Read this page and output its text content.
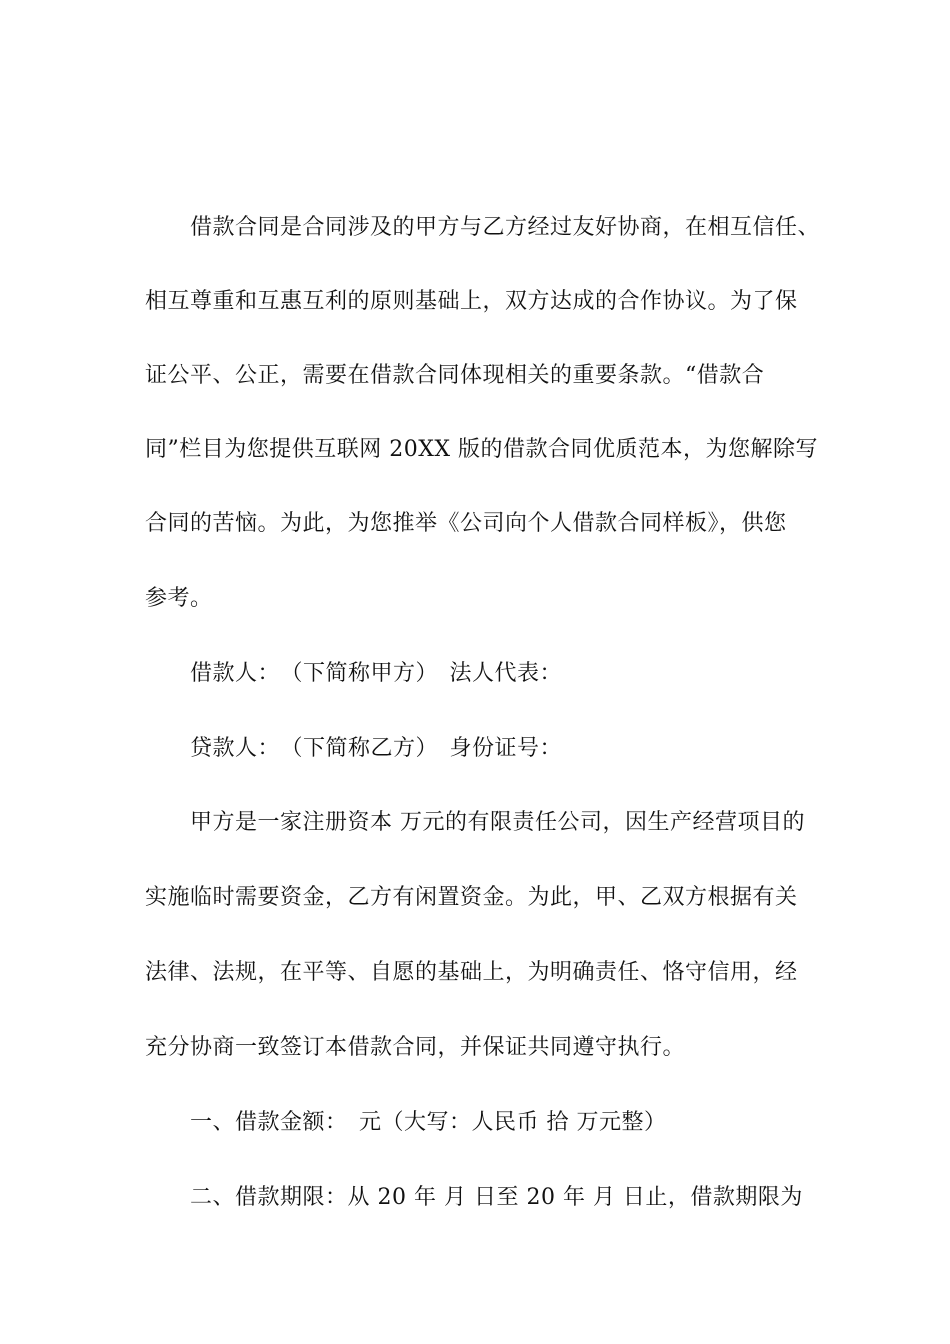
借款合同是合同涉及的甲方与乙方经过友好协商，在相互信任、
相互尊重和互惠互利的原则基础上，双方达成的合作协议。为了保
证公平、公正，需要在借款合同体现相关的重要条款。“借款合
同”栏目为您提供互联网 20XX 版的借款合同优质范本，为您解除写
合同的苦恼。为此，为您推举《公司向个人借款合同样板》，供您
参考。
借款人：　（下简称甲方）　法人代表：
贷款人：　（下简称乙方）　身份证号：
甲方是一家注册资本 万元的有限责任公司，因生产经营项目的
实施临时需要资金，乙方有闲置资金。为此，甲、乙双方根据有关
法律、法规，在平等、自愿的基础上，为明确责任、恪守信用，经
充分协商一致签订本借款合同，并保证共同遵守执行。
一、借款金额：　元（大写：人民币 拾 万元整）
二、借款期限：从 20 年 月 日至 20 年 月 日止，借款期限为
